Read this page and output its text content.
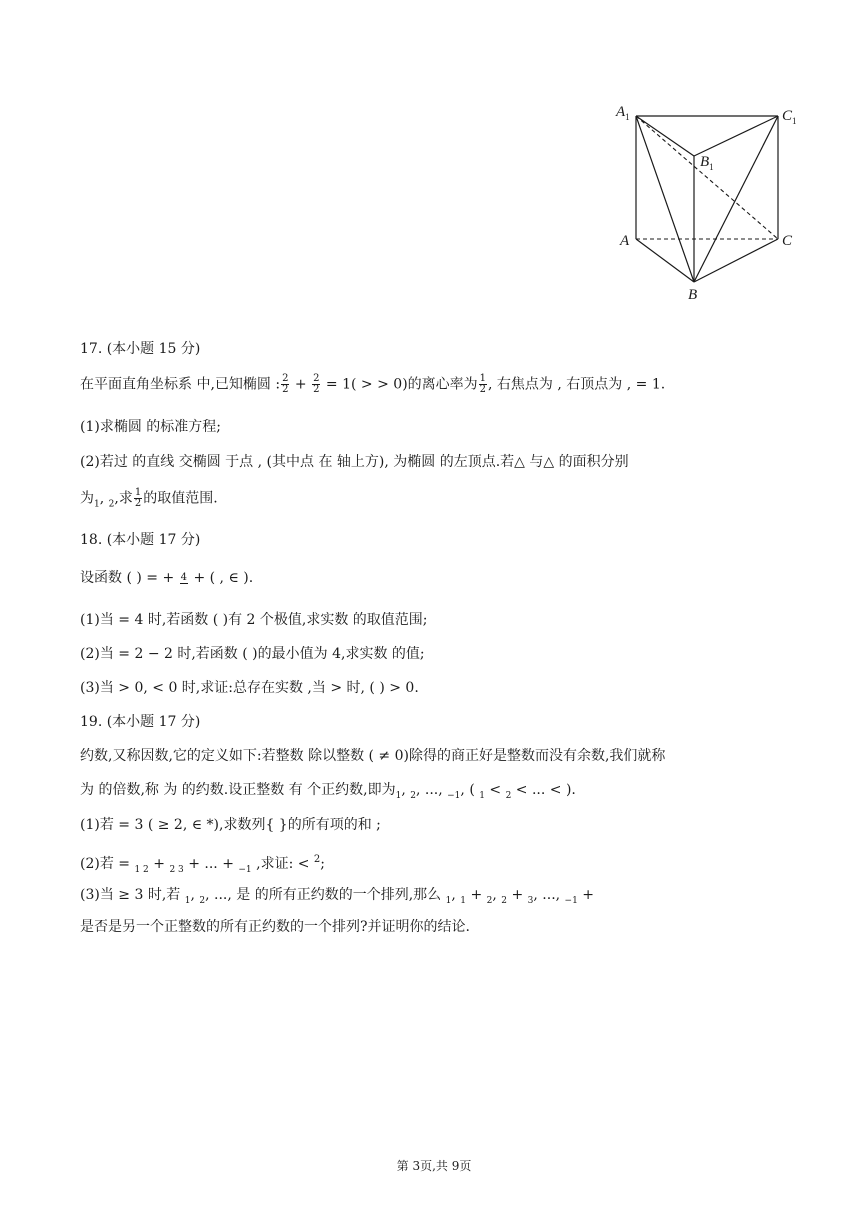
$A_1$	$C_1$
$B_1$
A	C
B
17. (本小题 15 分)
在平面直角坐标系 中,已知椭圆 : $\frac{2}{2} + \frac{2}{2} = 1$( > > 0)的离心率为 $\frac{1}{2}$ , 右焦点为 , 右顶点为 , = 1.
(1)求椭圆 的标准方程;
(2)若过 的直线 交椭圆 于点 , (其中点 在 轴上方), 为椭圆 的左顶点.若△ 与△ 的面积分别
为$_1$, $_2$,求 $\frac{1}{2}$ 的取值范围.
18. (本小题 17 分)
设函数 ( ) = + 4 + ( , ∈ ).
(1)当 = 4 时,若函数 ( )有 2 个极值,求实数 的取值范围;
(2)当 = 2 − 2 时,若函数 ( )的最小值为 4,求实数 的值;
(3)当 > 0, < 0 时,求证:总存在实数 ,当 > 时, ( ) > 0.
19. (本小题 17 分)
约数,又称因数,它的定义如下:若整数 除以整数 ( ≠ 0)除得的商正好是整数而没有余数,我们就称
为 的倍数,称 为 的约数.设正整数 有 个正约数,即为$_1$, $_2$, ..., $_{-1}$, ( $_1$ < $_2$ < ... < ).
(1)若 = 3 ( ≥ 2, ∈ *),求数列{ }的所有项的和 ;
(2)若 = $_{1 2}$ + $_{2 3}$ + ... + $_{-1}$ ,求证: < $^2$;
(3)当 ≥ 3 时,若 $_1$, $_2$, ..., 是 的所有正约数的一个排列,那么 $_1$, $_1$ + $_2$, $_2$ + $_3$, ..., $_{-1}$ +
是否是另一个正整数的所有正约数的一个排列?并证明你的结论.
第 3页,共 9页
